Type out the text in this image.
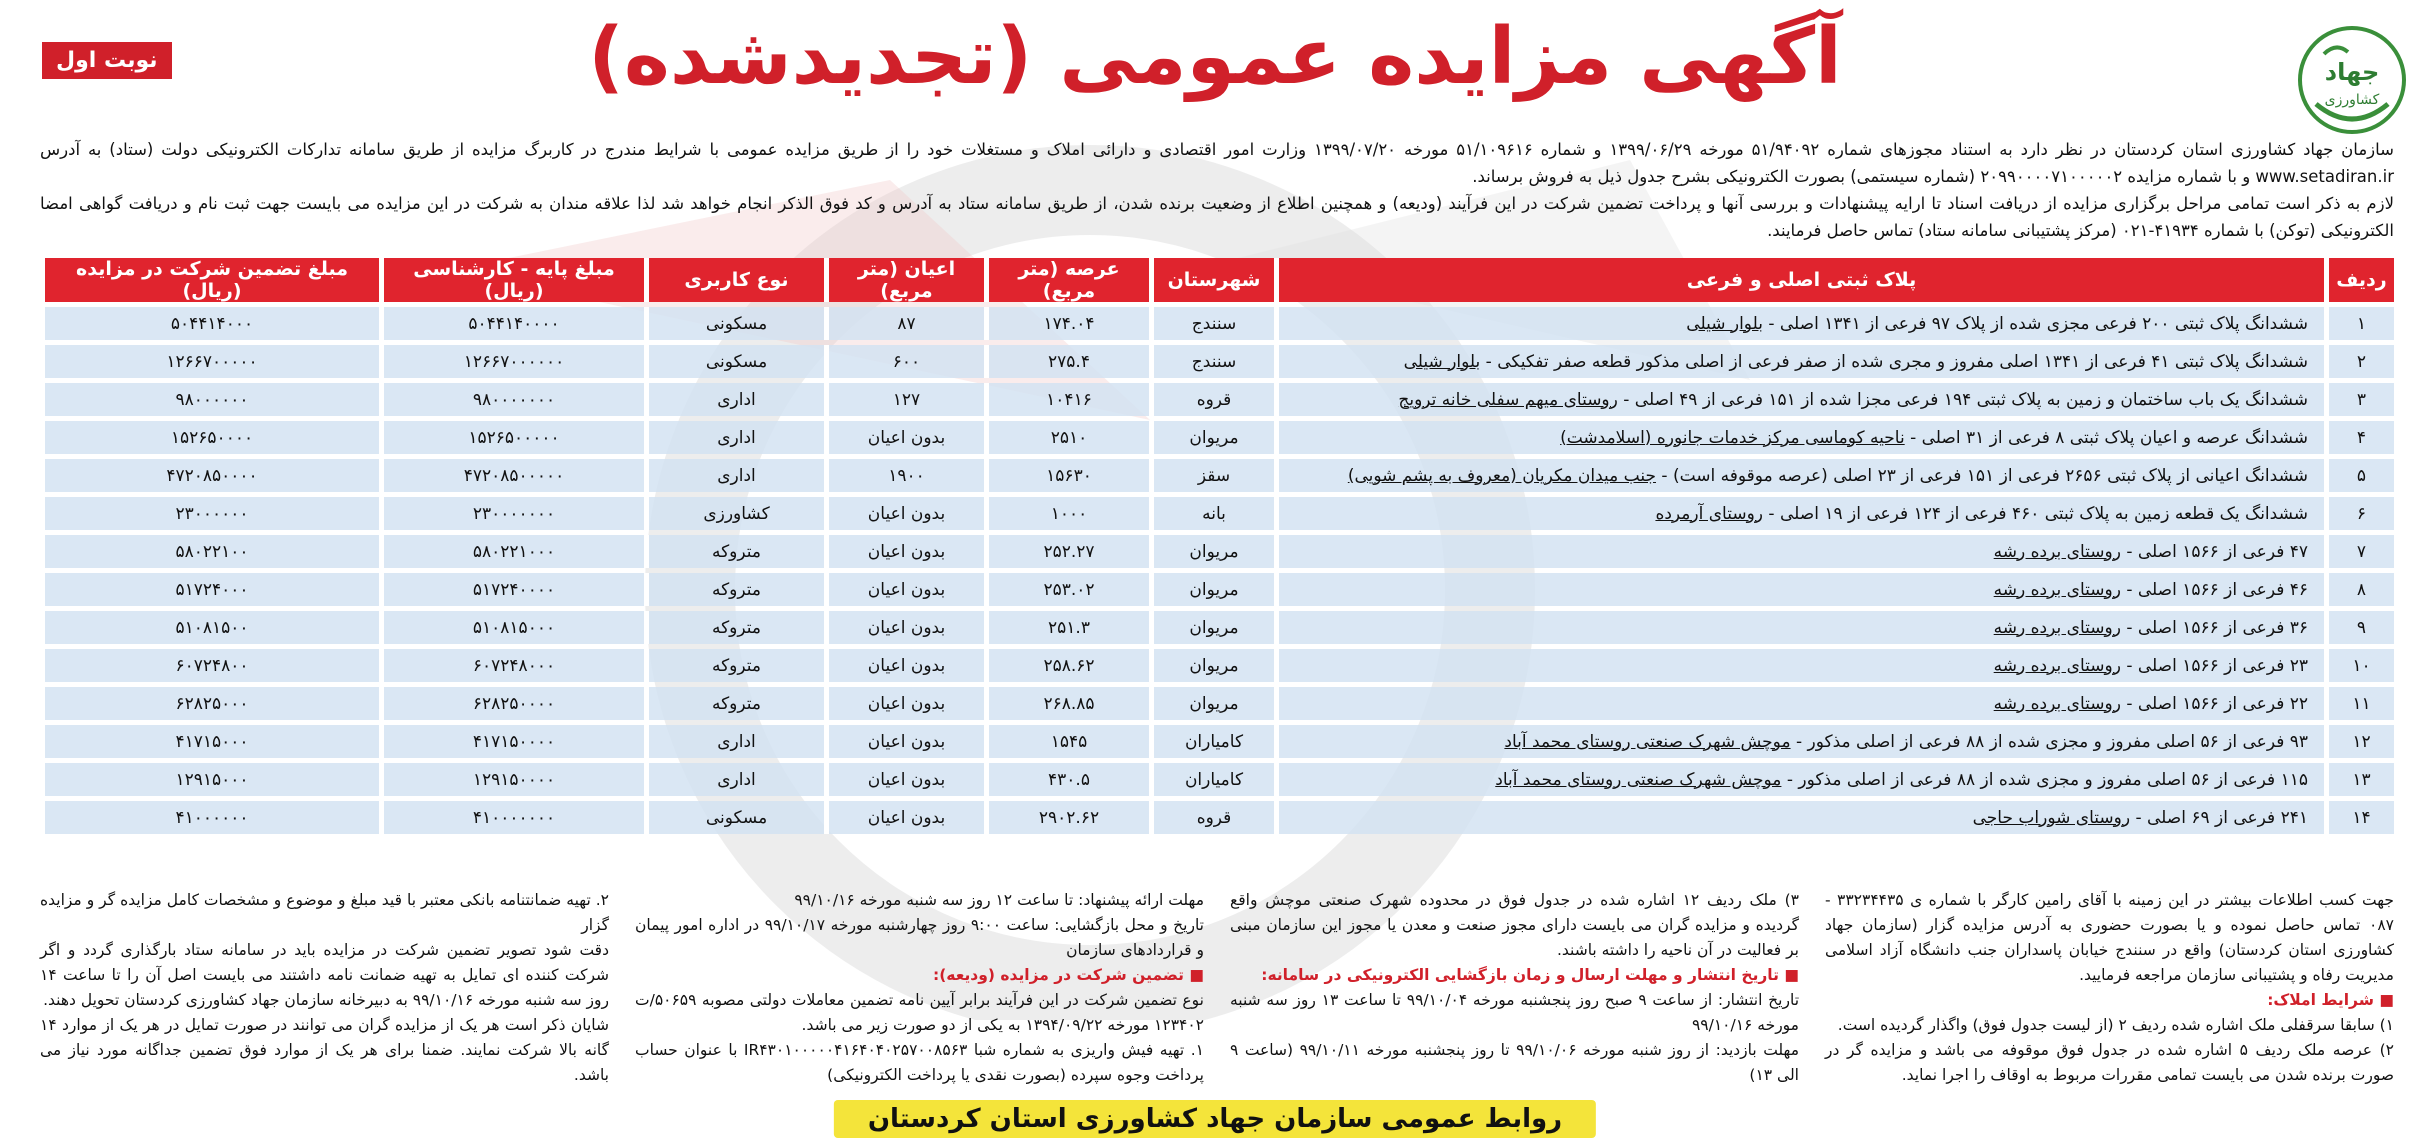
جهاد
کشاورزی
نوبت اول	آگهی مزایده عمومی (تجدیدشده)

سازمان جهاد کشاورزی استان کردستان در نظر دارد به استناد مجوزهای شماره ۵۱/۹۴۰۹۲ مورخه ۱۳۹۹/۰۶/۲۹ و شماره ۵۱/۱۰۹۶۱۶ مورخه ۱۳۹۹/۰۷/۲۰ وزارت امور اقتصادی و دارائی املاک و مستغلات خود را از طریق مزایده عمومی با شرایط مندرج در کاربرگ مزایده از طریق سامانه تدارکات الکترونیکی دولت (ستاد) به آدرس www.setadiran.ir و با شماره مزایده ۲۰۹۹۰۰۰۰۷۱۰۰۰۰۰۲ (شماره سیستمی) بصورت الکترونیکی بشرح جدول ذیل به فروش برساند.

لازم به ذکر است تمامی مراحل برگزاری مزایده از دریافت اسناد تا ارایه پیشنهادات و بررسی آنها و پرداخت تضمین شرکت در این فرآیند (ودیعه) و همچنین اطلاع از وضعیت برنده شدن، از طریق سامانه ستاد به آدرس و کد فوق الذکر انجام خواهد شد لذا علاقه مندان به شرکت در این مزایده می بایست جهت ثبت نام و دریافت گواهی امضا الکترونیکی (توکن) با شماره ۴۱۹۳۴-۰۲۱ (مرکز پشتیبانی سامانه ستاد) تماس حاصل فرمایند.

ردیف	پلاک ثبتی اصلی و فرعی	شهرستان	عرصه (متر مربع)	اعیان (متر مربع)	نوع کاربری	مبلغ پایه - کارشناسی (ریال)	مبلغ تضمین شرکت در مزایده (ریال)
۱	ششدانگ پلاک ثبتی ۲۰۰ فرعی مجزی شده از پلاک ۹۷ فرعی از ۱۳۴۱ اصلی - بلوار شیلی	سنندج	۱۷۴.۰۴	۸۷	مسکونی	۵۰۴۴۱۴۰۰۰۰	۵۰۴۴۱۴۰۰۰
۲	ششدانگ پلاک ثبتی ۴۱ فرعی از ۱۳۴۱ اصلی مفروز و مجری شده از صفر فرعی از اصلی مذکور قطعه صفر تفکیکی - بلوار شیلی	سنندج	۲۷۵.۴	۶۰۰	مسکونی	۱۲۶۶۷۰۰۰۰۰۰	۱۲۶۶۷۰۰۰۰۰
۳	ششدانگ یک باب ساختمان و زمین به پلاک ثبتی ۱۹۴ فرعی مجزا شده از ۱۵۱ فرعی از ۴۹ اصلی - روستای میهم سفلی خانه ترویج	قروه	۱۰۴۱۶	۱۲۷	اداری	۹۸۰۰۰۰۰۰۰	۹۸۰۰۰۰۰۰
۴	ششدانگ عرصه و اعیان پلاک ثبتی ۸ فرعی از ۳۱ اصلی - ناحیه کوماسی مرکز خدمات جانوره (اسلامدشت)	مریوان	۲۵۱۰	بدون اعیان	اداری	۱۵۲۶۵۰۰۰۰۰	۱۵۲۶۵۰۰۰۰
۵	ششدانگ اعیانی از پلاک ثبتی ۲۶۵۶ فرعی از ۱۵۱ فرعی از ۲۳ اصلی (عرصه موقوفه است) - جنب میدان مکریان (معروف به پشم شویی)	سقز	۱۵۶۳۰	۱۹۰۰	اداری	۴۷۲۰۸۵۰۰۰۰۰	۴۷۲۰۸۵۰۰۰۰
۶	ششدانگ یک قطعه زمین به پلاک ثبتی ۴۶۰ فرعی از ۱۲۴ فرعی از ۱۹ اصلی - روستای آرمرده	بانه	۱۰۰۰	بدون اعیان	کشاورزی	۲۳۰۰۰۰۰۰۰	۲۳۰۰۰۰۰۰
۷	۴۷ فرعی از ۱۵۶۶ اصلی - روستای برده رشه	مریوان	۲۵۲.۲۷	بدون اعیان	متروکه	۵۸۰۲۲۱۰۰۰	۵۸۰۲۲۱۰۰
۸	۴۶ فرعی از ۱۵۶۶ اصلی - روستای برده رشه	مریوان	۲۵۳.۰۲	بدون اعیان	متروکه	۵۱۷۲۴۰۰۰۰	۵۱۷۲۴۰۰۰
۹	۳۶ فرعی از ۱۵۶۶ اصلی - روستای برده رشه	مریوان	۲۵۱.۳	بدون اعیان	متروکه	۵۱۰۸۱۵۰۰۰	۵۱۰۸۱۵۰۰
۱۰	۲۳ فرعی از ۱۵۶۶ اصلی - روستای برده رشه	مریوان	۲۵۸.۶۲	بدون اعیان	متروکه	۶۰۷۲۴۸۰۰۰	۶۰۷۲۴۸۰۰
۱۱	۲۲ فرعی از ۱۵۶۶ اصلی - روستای برده رشه	مریوان	۲۶۸.۸۵	بدون اعیان	متروکه	۶۲۸۲۵۰۰۰۰	۶۲۸۲۵۰۰۰
۱۲	۹۳ فرعی از ۵۶ اصلی مفروز و مجزی شده از ۸۸ فرعی از اصلی مذکور - موچش شهرک صنعتی روستای محمد آباد	کامیاران	۱۵۴۵	بدون اعیان	اداری	۴۱۷۱۵۰۰۰۰	۴۱۷۱۵۰۰۰
۱۳	۱۱۵ فرعی از ۵۶ اصلی مفروز و مجزی شده از ۸۸ فرعی از اصلی مذکور - موچش شهرک صنعتی روستای محمد آباد	کامیاران	۴۳۰.۵	بدون اعیان	اداری	۱۲۹۱۵۰۰۰۰	۱۲۹۱۵۰۰۰
۱۴	۲۴۱ فرعی از ۶۹ اصلی - روستای شوراب حاجی	قروه	۲۹۰۲.۶۲	بدون اعیان	مسکونی	۴۱۰۰۰۰۰۰۰	۴۱۰۰۰۰۰۰

جهت کسب اطلاعات بیشتر در این زمینه با آقای رامین کارگر با شماره ی ۳۳۲۳۴۴۳۵ - ۰۸۷ تماس حاصل نموده و یا بصورت حضوری به آدرس مزایده گزار (سازمان جهاد کشاورزی استان کردستان) واقع در سنندج خیابان پاسداران جنب دانشگاه آزاد اسلامی مدیریت رفاه و پشتیبانی سازمان مراجعه فرمایید.

■ شرایط املاک:

۱) سابقا سرقفلی ملک اشاره شده ردیف ۲ (از لیست جدول فوق) واگذار گردیده است.

۲) عرصه ملک ردیف ۵ اشاره شده در جدول فوق موقوفه می باشد و مزایده گر در صورت برنده شدن می بایست تمامی مقررات مربوط به اوقاف را اجرا نماید.

۳) ملک ردیف ۱۲ اشاره شده در جدول فوق در محدوده شهرک صنعتی موچش واقع گردیده و مزایده گران می بایست دارای مجوز صنعت و معدن یا مجوز این سازمان مبنی بر فعالیت در آن ناحیه را داشته باشند.

■ تاریخ انتشار و مهلت ارسال و زمان بازگشایی الکترونیکی در سامانه:

تاریخ انتشار: از ساعت ۹ صبح روز پنجشنبه مورخه ۹۹/۱۰/۰۴ تا ساعت ۱۳ روز سه شنبه مورخه ۹۹/۱۰/۱۶

مهلت بازدید: از روز شنبه مورخه ۹۹/۱۰/۰۶ تا روز پنجشنبه مورخه ۹۹/۱۰/۱۱ (ساعت ۹ الی ۱۳)

مهلت ارائه پیشنهاد: تا ساعت ۱۲ روز سه شنبه مورخه ۹۹/۱۰/۱۶

تاریخ و محل بازگشایی: ساعت ۹:۰۰ روز چهارشنبه مورخه ۹۹/۱۰/۱۷ در اداره امور پیمان و قراردادهای سازمان

■ تضمین شرکت در مزایده (ودیعه):

نوع تضمین شرکت در این فرآیند برابر آیین نامه تضمین معاملات دولتی مصوبه ۵۰۶۵۹/ت ۱۲۳۴۰۲ مورخه ۱۳۹۴/۰۹/۲۲ به یکی از دو صورت زیر می باشد.

۱. تهیه فیش واریزی به شماره شبا IR۴۳۰۱۰۰۰۰۰۴۱۶۴۰۴۰۲۵۷۰۰۸۵۶۳ با عنوان حساب پرداخت وجوه سپرده (بصورت نقدی یا پرداخت الکترونیکی)

۲. تهیه ضمانتنامه بانکی معتبر با قید مبلغ و موضوع و مشخصات کامل مزایده گر و مزایده گزار

دقت شود تصویر تضمین شرکت در مزایده باید در سامانه ستاد بارگذاری گردد و اگر شرکت کننده ای تمایل به تهیه ضمانت نامه داشتند می بایست اصل آن را تا ساعت ۱۴ روز سه شنبه مورخه ۹۹/۱۰/۱۶ به دبیرخانه سازمان جهاد کشاورزی کردستان تحویل دهند.

شایان ذکر است هر یک از مزایده گران می توانند در صورت تمایل در هر یک از موارد ۱۴ گانه بالا شرکت نمایند. ضمنا برای هر یک از موارد فوق تضمین جداگانه مورد نیاز می باشد.

روابط عمومی سازمان جهاد کشاورزی استان کردستان
